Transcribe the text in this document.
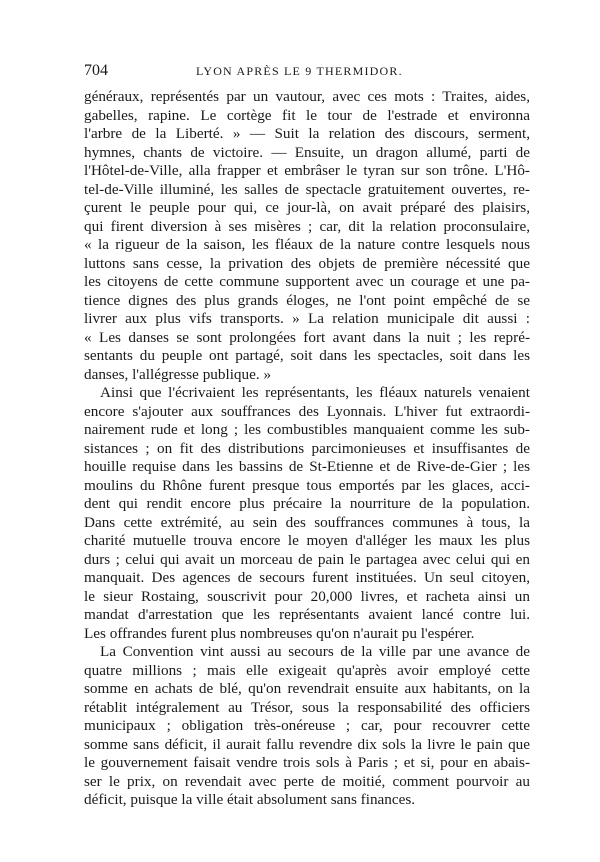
704	LYON APRÈS LE 9 THERMIDOR.
généraux, représentés par un vautour, avec ces mots : Traites, aides,
gabelles, rapine. Le cortège fit le tour de l'estrade et environna
l'arbre de la Liberté. » — Suit la relation des discours, serment,
hymnes, chants de victoire. — Ensuite, un dragon allumé, parti de
l'Hôtel-de-Ville, alla frapper et embrâser le tyran sur son trône. L'Hô-
tel-de-Ville illuminé, les salles de spectacle gratuitement ouvertes, re-
çurent le peuple pour qui, ce jour-là, on avait préparé des plaisirs,
qui firent diversion à ses misères ; car, dit la relation proconsulaire,
« la rigueur de la saison, les fléaux de la nature contre lesquels nous
luttons sans cesse, la privation des objets de première nécessité que
les citoyens de cette commune supportent avec un courage et une pa-
tience dignes des plus grands éloges, ne l'ont point empêché de se
livrer aux plus vifs transports. » La relation municipale dit aussi :
« Les danses se sont prolongées fort avant dans la nuit ; les repré-
sentants du peuple ont partagé, soit dans les spectacles, soit dans les
danses, l'allégresse publique. »
Ainsi que l'écrivaient les représentants, les fléaux naturels venaient
encore s'ajouter aux souffrances des Lyonnais. L'hiver fut extraordi-
nairement rude et long ; les combustibles manquaient comme les sub-
sistances ; on fit des distributions parcimonieuses et insuffisantes de
houille requise dans les bassins de St-Etienne et de Rive-de-Gier ; les
moulins du Rhône furent presque tous emportés par les glaces, acci-
dent qui rendit encore plus précaire la nourriture de la population.
Dans cette extrémité, au sein des souffrances communes à tous, la
charité mutuelle trouva encore le moyen d'alléger les maux les plus
durs ; celui qui avait un morceau de pain le partagea avec celui qui en
manquait. Des agences de secours furent instituées. Un seul citoyen,
le sieur Rostaing, souscrivit pour 20,000 livres, et racheta ainsi un
mandat d'arrestation que les représentants avaient lancé contre lui.
Les offrandes furent plus nombreuses qu'on n'aurait pu l'espérer.
La Convention vint aussi au secours de la ville par une avance de
quatre millions ; mais elle exigeait qu'après avoir employé cette
somme en achats de blé, qu'on revendrait ensuite aux habitants, on la
rétablit intégralement au Trésor, sous la responsabilité des officiers
municipaux ; obligation très-onéreuse ; car, pour recouvrer cette
somme sans déficit, il aurait fallu revendre dix sols la livre le pain que
le gouvernement faisait vendre trois sols à Paris ; et si, pour en abais-
ser le prix, on revendait avec perte de moitié, comment pourvoir au
déficit, puisque la ville était absolument sans finances.
